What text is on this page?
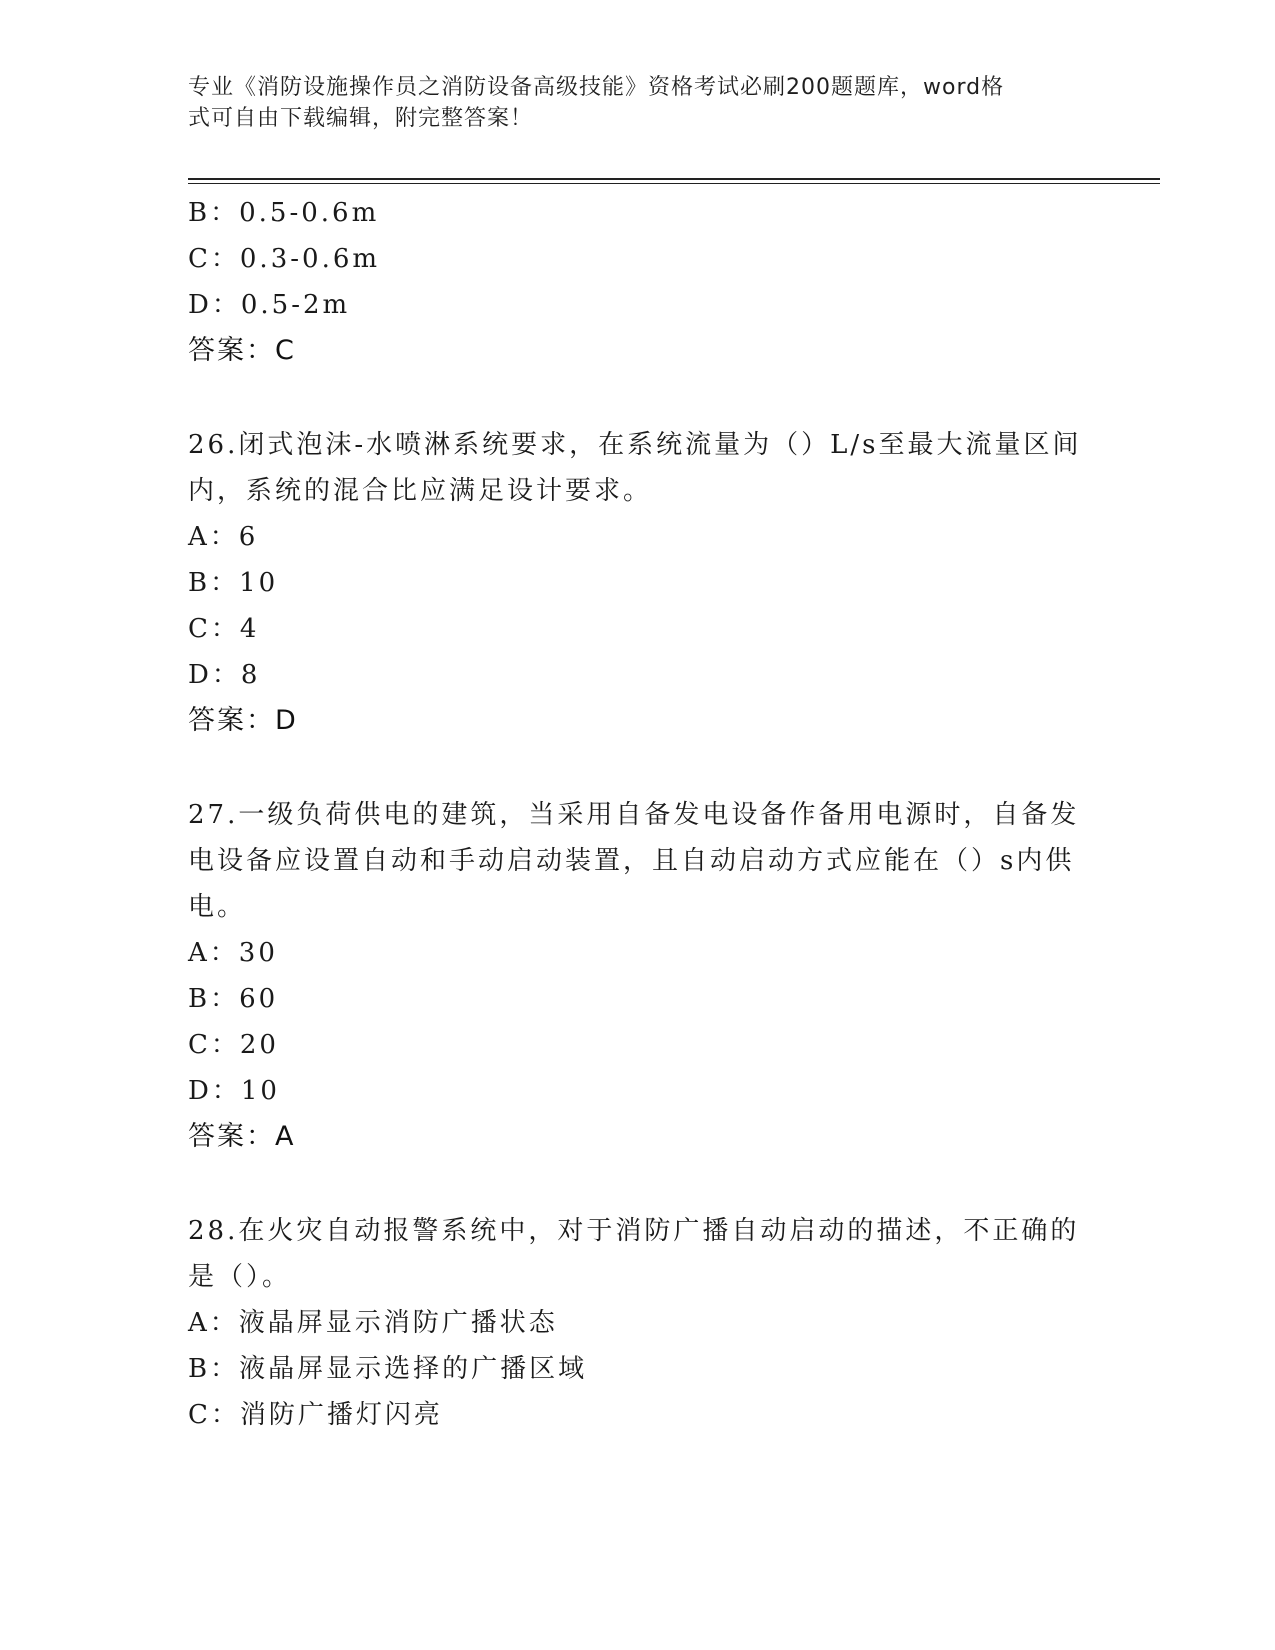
专业《消防设施操作员之消防设备高级技能》资格考试必刷200题题库，word格
式可自由下载编辑，附完整答案！
B：0.5-0.6m
C：0.3-0.6m
D：0.5-2m
答案：C
26.闭式泡沫-水喷淋系统要求，在系统流量为（）L/s至最大流量区间
内，系统的混合比应满足设计要求。
A：6
B：10
C：4
D：8
答案：D
27.一级负荷供电的建筑，当采用自备发电设备作备用电源时，自备发
电设备应设置自动和手动启动装置，且自动启动方式应能在（）s内供
电。
A：30
B：60
C：20
D：10
答案：A
28.在火灾自动报警系统中，对于消防广播自动启动的描述，不正确的
是（）。
A：液晶屏显示消防广播状态
B：液晶屏显示选择的广播区域
C：消防广播灯闪亮
